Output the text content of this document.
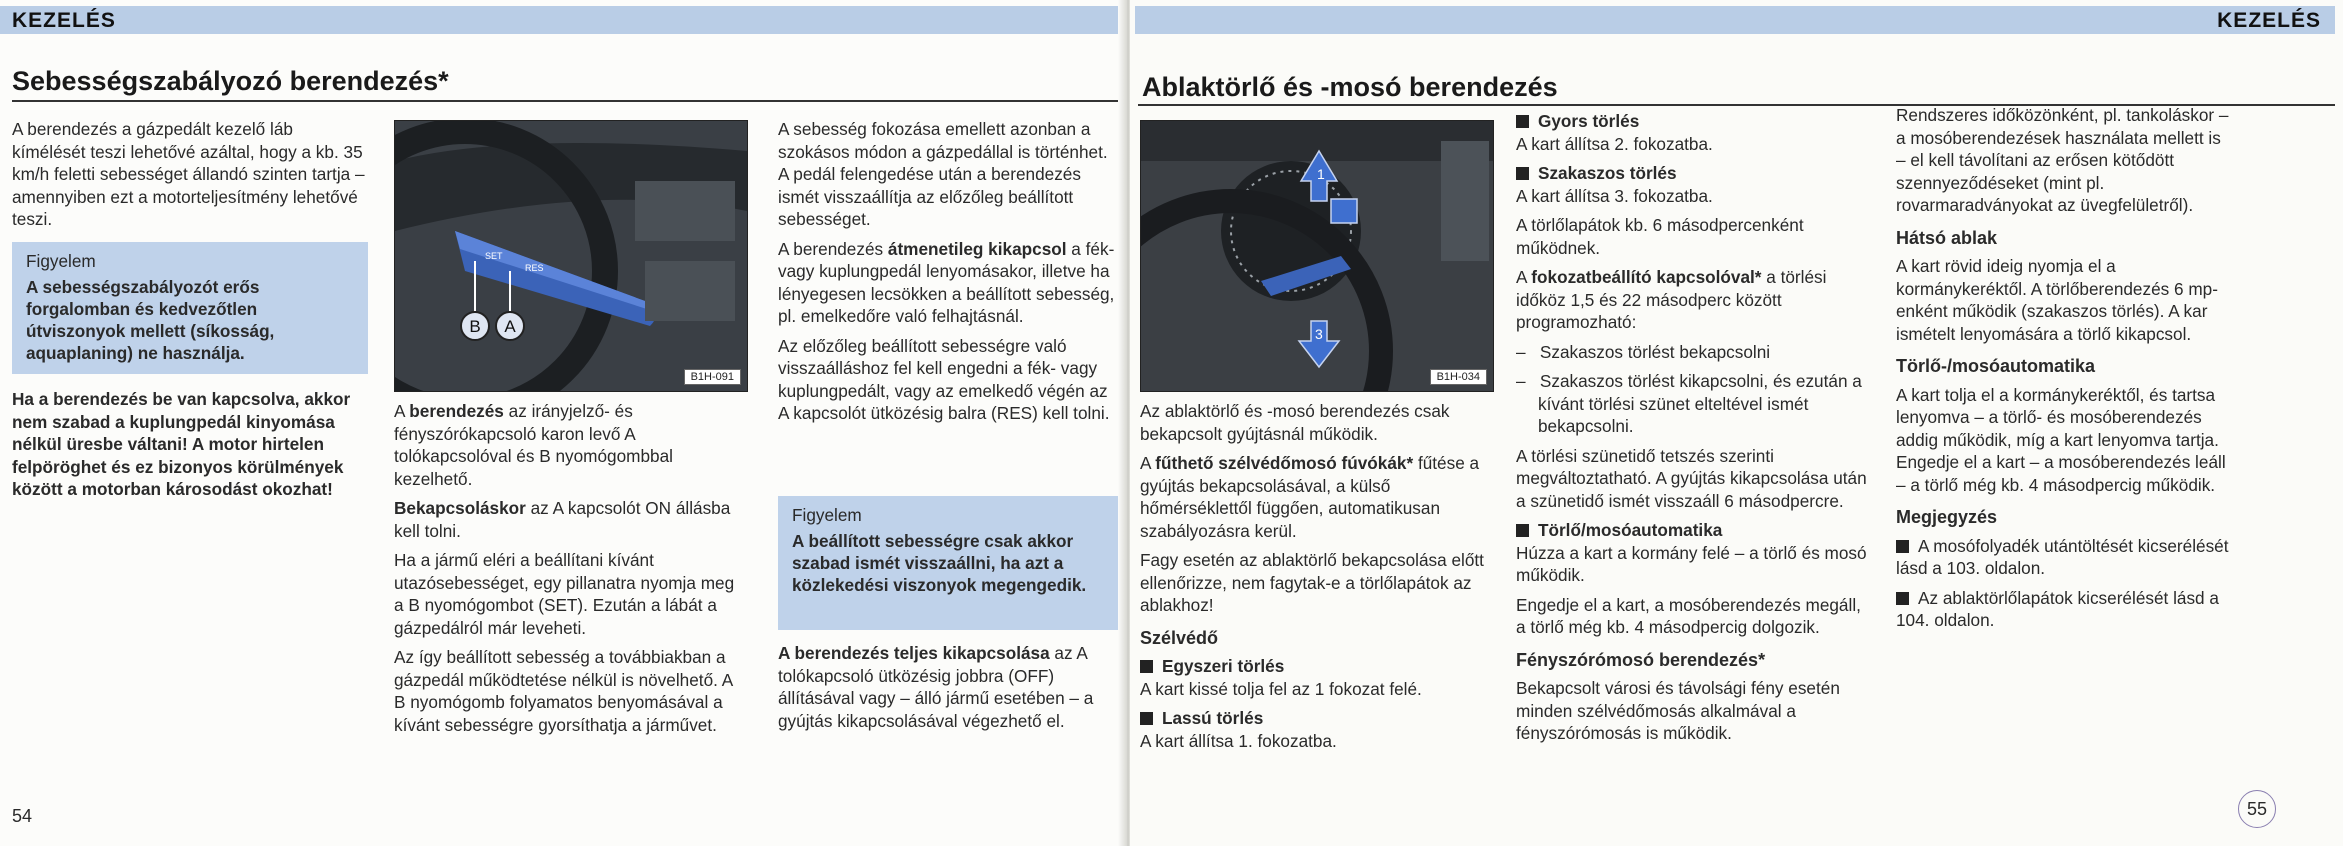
KEZELÉS
Sebességszabályozó berendezés*

A berendezés a gázpedált kezelő láb kímélését teszi lehetővé azáltal, hogy a kb. 35 km/h feletti sebességet állandó szinten tartja – amennyiben ezt a motorteljesítmény lehetővé teszi.

Figyelem
A sebességszabályozót erős forgalomban és kedvezőtlen útviszonyok mellett (síkosság, aquaplaning) ne használja.
Ha a berendezés be van kapcsolva, akkor nem szabad a kuplungpedál kinyomása nélkül üresbe váltani! A motor hirtelen felpöröghet és ez bizonyos körülmények között a motorban károsodást okozhat!
B A
SET
RES
B1H-091

A berendezés az irányjelző- és fényszórókapcsoló karon levő A tolókapcsolóval és B nyomógombbal kezelhető.

Bekapcsoláskor az A kapcsolót ON állásba kell tolni.

Ha a jármű eléri a beállítani kívánt utazósebességet, egy pillanatra nyomja meg a B nyomógombot (SET). Ezután a lábát a gázpedálról már leveheti.

Az így beállított sebesség a továbbiakban a gázpedál működtetése nélkül is növelhető. A B nyomógomb folyamatos benyomásával a kívánt sebességre gyorsíthatja a járművet.

A sebesség fokozása emellett azonban a szokásos módon a gázpedállal is történhet. A pedál felengedése után a berendezés ismét visszaállítja az előzőleg beállított sebességet.

A berendezés átmenetileg kikapcsol a fék- vagy kuplungpedál lenyomásakor, illetve ha lényegesen lecsökken a beállított sebesség, pl. emelkedőre való felhajtásnál.

Az előzőleg beállított sebességre való visszaálláshoz fel kell engedni a fék- vagy kuplungpedált, vagy az emelkedő végén az A kapcsolót ütközésig balra (RES) kell tolni.

Figyelem
A beállított sebességre csak akkor szabad ismét visszaállni, ha azt a közlekedési viszonyok megengedik.
A berendezés teljes kikapcsolása az A tolókapcsoló ütközésig jobbra (OFF) állításával vagy – álló jármű esetében – a gyújtás kikapcsolásával végezhető el.
54
KEZELÉS
Ablaktörlő és -mosó berendezés
1
3
B1H-034

Az ablaktörlő és -mosó berendezés csak bekapcsolt gyújtásnál működik.

A fűthető szélvédőmosó fúvókák* fűtése a gyújtás bekapcsolásával, a külső hőmérséklettől függően, automatikusan szabályozásra kerül.

Fagy esetén az ablaktörlő bekapcsolása előtt ellenőrizze, nem fagytak-e a törlőlapátok az ablakhoz!

Szélvédő
Egyszeri törlés

A kart kissé tolja fel az 1 fokozat felé.

Lassú törlés

A kart állítsa 1. fokozatba.

Gyors törlés

A kart állítsa 2. fokozatba.

Szakaszos törlés

A kart állítsa 3. fokozatba.

A törlőlapátok kb. 6 másodpercenként működnek.

A fokozatbeállító kapcsolóval* a törlési időköz 1,5 és 22 másodperc között programozható:

–   Szakaszos törlést bekapcsolni

–   Szakaszos törlést kikapcsolni, és ezután a kívánt törlési szünet elteltével ismét bekapcsolni.

A törlési szünetidő tetszés szerinti megváltoztatható. A gyújtás kikapcsolása után a szünetidő ismét visszaáll 6 másodpercre.

Törlő/mosóautomatika

Húzza a kart a kormány felé – a törlő és mosó működik.

Engedje el a kart, a mosóberendezés megáll, a törlő még kb. 4 másodpercig dolgozik.

Fényszórómosó berendezés*

Bekapcsolt városi és távolsági fény esetén minden szélvédőmosás alkalmával a fényszórómosás is működik.

Rendszeres időközönként, pl. tankoláskor – a mosóberendezések használata mellett is – el kell távolítani az erősen kötődött szennyeződéseket (mint pl. rovarmaradványokat az üvegfelületről).

Hátsó ablak

A kart rövid ideig nyomja el a kormánykeréktől. A törlőberendezés 6 mp-enként működik (szakaszos törlés). A kar ismételt lenyomására a törlő kikapcsol.

Törlő-/mosóautomatika

A kart tolja el a kormánykeréktől, és tartsa lenyomva – a törlő- és mosóberendezés addig működik, míg a kart lenyomva tartja. Engedje el a kart – a mosóberendezés leáll – a törlő még kb. 4 másodpercig működik.

Megjegyzés

A mosófolyadék utántöltését kicserélését lásd a 103. oldalon.

Az ablaktörlőlapátok kicserélését lásd a 104. oldalon.

55
